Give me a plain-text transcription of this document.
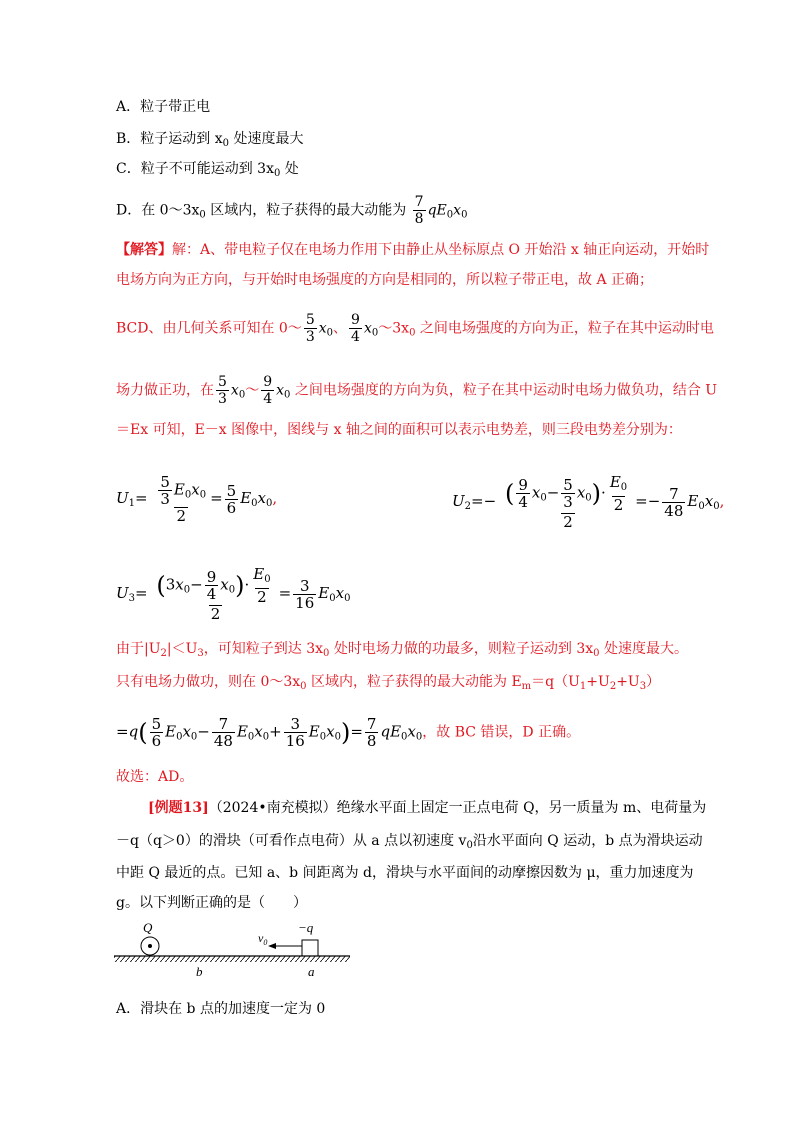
A．粒子带正电
B．粒子运动到 $x_0$ 处速度最大
C．粒子不可能运动到 $3x_0$ 处
D．在 $0\sim 3x_0$ 区域内，粒子获得的最大动能为 $\frac{7}{8} qE_0x_0$
【解答】解：A、带电粒子仅在电场力作用下由静止从坐标原点 O 开始沿 x 轴正向运动，开始时
电场方向为正方向，与开始时电场强度的方向是相同的，所以粒子带正电，故 A 正确；
BCD、由几何关系可知在 0～ $\frac{5}{3} x_0$、 $\frac{9}{4}$ $x_0\sim 3x_0$ 之间电场强度的方向为正，粒子在其中运动时电
场力做正功，在 $\frac{5}{3}$ $x_0\sim \frac{9}{4} x_0$ 之间电场强度的方向为负，粒子在其中运动时电场力做负功，结合 U
＝Ex 可知，E－x 图像中，图线与 x 轴之间的面积可以表示电势差，则三段电势差分别为：
$U_1= \frac{\frac{5}{3} E_0x_0}{2} = \frac{5}{6} E_0x_0$,	$U_2=- \frac{( \frac{9}{4} x_0- \frac{5}{3} x_0)\cdot \frac{E_0}{2}}{2} =- \frac{7}{48} E_0x_0$,
$U_3= \frac{(3x_0- \frac{9}{4} x_0)\cdot \frac{E_0}{2}}{2} = \frac{3}{16} E_0x_0$
由于$|U_2|<U_3$，可知粒子到达 $3x_0$ 处时电场力做的功最多，则粒子运动到 $3x_0$ 处速度最大。
只有电场力做功，则在 $0\sim 3x_0$ 区域内，粒子获得的最大动能为 $E_m=q(U_1+U_2+U_3)$
$=q( \frac{5}{6} E_0x_0- \frac{7}{48} E_0x_0+ \frac{3}{16} E_0x_0)= \frac{7}{8} qE_0x_0$，故 BC 错误，D 正确。
故选：AD。
[例题13]（2024•南充模拟）绝缘水平面上固定一正点电荷 Q，另一质量为 m、电荷量为
－q（q＞0）的滑块（可看作点电荷）从 a 点以初速度 $v_0$沿水平面向 Q 运动，b 点为滑块运动
中距 Q 最近的点。已知 a、b 间距离为 d，滑块与水平面间的动摩擦因数为 μ，重力加速度为
g。以下判断正确的是（　　）
Q	−q
$v_0$
b	a
A．滑块在 b 点的加速度一定为 0
